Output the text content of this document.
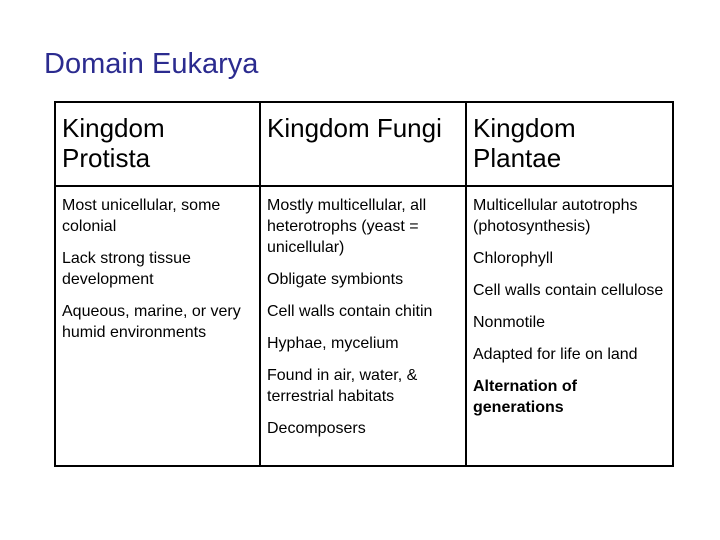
Domain Eukarya
Kingdom Protista
Kingdom Fungi	Kingdom Plantae
Most unicellular, some colonial
Lack strong tissue development
Aqueous, marine, or very humid environments
Mostly multicellular, all heterotrophs (yeast = unicellular)
Obligate symbionts
Cell walls contain chitin
Hyphae, mycelium
Found in air, water, & terrestrial habitats
Decomposers
Multicellular autotrophs (photosynthesis)
Chlorophyll
Cell walls contain cellulose
Nonmotile
Adapted for life on land
Alternation of generations
